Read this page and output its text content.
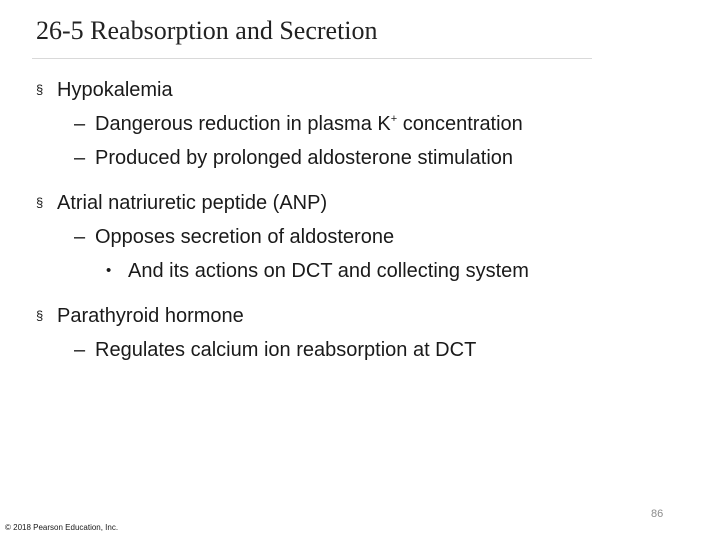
26-5 Reabsorption and Secretion
§ Hypokalemia
– Dangerous reduction in plasma K+ concentration
– Produced by prolonged aldosterone stimulation
§ Atrial natriuretic peptide (ANP)
– Opposes secretion of aldosterone
• And its actions on DCT and collecting system
§ Parathyroid hormone
– Regulates calcium ion reabsorption at DCT
86
© 2018 Pearson Education, Inc.
